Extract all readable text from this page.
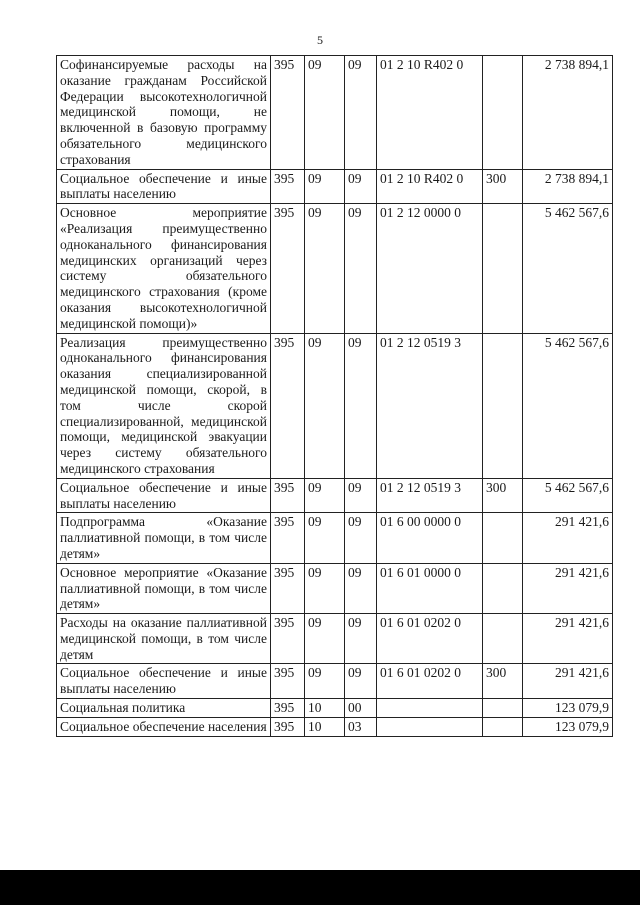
5
Софинансируемые расходы на оказание гражданам Российской Федерации высокотехнологичной медицинской помощи, не включенной в базовую программу обязательного медицинского страхования	395	09	09	01 2 10 R402 0		2 738 894,1
Социальное обеспечение и иные выплаты населению	395	09	09	01 2 10 R402 0	300	2 738 894,1
Основное мероприятие «Реализация преимущественно одноканального финансирования медицинских организаций через систему обязательного медицинского страхования (кроме оказания высокотехнологичной медицинской помощи)»	395	09	09	01 2 12 0000 0		5 462 567,6
Реализация преимущественно одноканального финансирования оказания специализированной медицинской помощи, скорой, в том числе скорой специализированной, медицинской помощи, медицинской эвакуации через систему обязательного медицинского страхования	395	09	09	01 2 12 0519 3		5 462 567,6
Социальное обеспечение и иные выплаты населению	395	09	09	01 2 12 0519 3	300	5 462 567,6
Подпрограмма «Оказание паллиативной помощи, в том числе детям»	395	09	09	01 6 00 0000 0		291 421,6
Основное мероприятие «Оказание паллиативной помощи, в том числе детям»	395	09	09	01 6 01 0000 0		291 421,6
Расходы на оказание паллиативной медицинской помощи, в том числе детям	395	09	09	01 6 01 0202 0		291 421,6
Социальное обеспечение и иные выплаты населению	395	09	09	01 6 01 0202 0	300	291 421,6
Социальная политика	395	10	00			123 079,9
Социальное обеспечение населения	395	10	03			123 079,9
